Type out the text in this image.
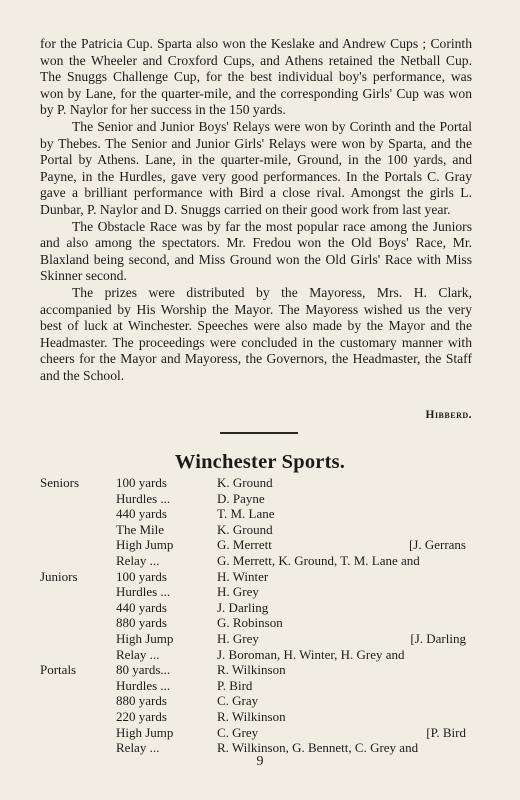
for the Patricia Cup. Sparta also won the Keslake and Andrew Cups ; Corinth won the Wheeler and Croxford Cups, and Athens retained the Netball Cup. The Snuggs Challenge Cup, for the best individual boy's performance, was won by Lane, for the quarter-mile, and the corresponding Girls' Cup was won by P. Naylor for her success in the 150 yards.

The Senior and Junior Boys' Relays were won by Corinth and the Portal by Thebes. The Senior and Junior Girls' Relays were won by Sparta, and the Portal by Athens. Lane, in the quarter-mile, Ground, in the 100 yards, and Payne, in the Hurdles, gave very good performances. In the Portals C. Gray gave a brilliant performance with Bird a close rival. Amongst the girls L. Dunbar, P. Naylor and D. Snuggs carried on their good work from last year.

The Obstacle Race was by far the most popular race among the Juniors and also among the spectators. Mr. Fredou won the Old Boys' Race, Mr. Blaxland being second, and Miss Ground won the Old Girls' Race with Miss Skinner second.

The prizes were distributed by the Mayoress, Mrs. H. Clark, accompanied by His Worship the Mayor. The Mayoress wished us the very best of luck at Winchester. Speeches were also made by the Mayor and the Headmaster. The proceedings were concluded in the customary manner with cheers for the Mayor and Mayoress, the Governors, the Headmaster, the Staff and the School.

Hibberd.
Winchester Sports.
Seniors	100 yards	K. Ground
Hurdles ...	D. Payne
440 yards	T. M. Lane
The Mile	K. Ground
High Jump	G. Merrett	[J. Gerrans
Relay ...	G. Merrett, K. Ground, T. M. Lane and
Juniors	100 yards	H. Winter
Hurdles ...	H. Grey
440 yards	J. Darling
880 yards	G. Robinson
High Jump	H. Grey	[J. Darling
Relay ...	J. Boroman, H. Winter, H. Grey and
Portals	80 yards...	R. Wilkinson
Hurdles ...	P. Bird
880 yards	C. Gray
220 yards	R. Wilkinson
High Jump	C. Grey	[P. Bird
Relay ...	R. Wilkinson, G. Bennett, C. Grey and
9
